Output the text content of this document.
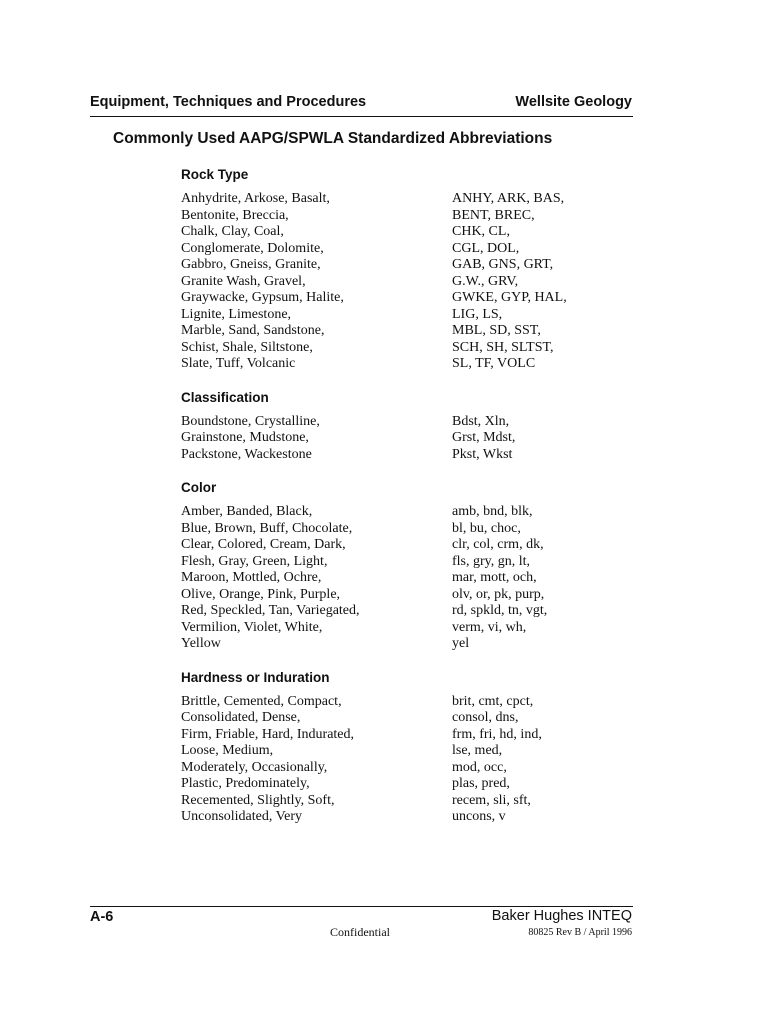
Equipment, Techniques and Procedures	Wellsite Geology
Commonly Used AAPG/SPWLA Standardized Abbreviations
Rock Type
Anhydrite, Arkose, Basalt,	ANHY, ARK, BAS,
Bentonite, Breccia,	BENT, BREC,
Chalk, Clay, Coal,	CHK, CL,
Conglomerate, Dolomite,	CGL, DOL,
Gabbro, Gneiss, Granite,	GAB, GNS, GRT,
Granite Wash, Gravel,	G.W., GRV,
Graywacke, Gypsum, Halite,	GWKE, GYP, HAL,
Lignite, Limestone,	LIG, LS,
Marble, Sand, Sandstone,	MBL, SD, SST,
Schist, Shale, Siltstone,	SCH, SH, SLTST,
Slate, Tuff, Volcanic	SL, TF, VOLC
Classification
Boundstone, Crystalline,	Bdst, Xln,
Grainstone, Mudstone,	Grst, Mdst,
Packstone, Wackestone	Pkst, Wkst
Color
Amber, Banded, Black,	amb, bnd, blk,
Blue, Brown, Buff, Chocolate,	bl, bu, choc,
Clear, Colored, Cream, Dark,	clr, col, crm, dk,
Flesh, Gray, Green, Light,	fls, gry, gn, lt,
Maroon, Mottled, Ochre,	mar, mott, och,
Olive, Orange, Pink, Purple,	olv, or, pk, purp,
Red, Speckled, Tan, Variegated,	rd, spkld, tn, vgt,
Vermilion, Violet, White,	verm, vi, wh,
Yellow	yel
Hardness or Induration
Brittle, Cemented, Compact,	brit, cmt, cpct,
Consolidated, Dense,	consol, dns,
Firm, Friable, Hard, Indurated,	frm, fri, hd, ind,
Loose, Medium,	lse, med,
Moderately, Occasionally,	mod, occ,
Plastic, Predominately,	plas, pred,
Recemented, Slightly, Soft,	recem, sli, sft,
Unconsolidated, Very	uncons, v
A-6	Baker Hughes INTEQ
Confidential	80825 Rev B / April 1996
